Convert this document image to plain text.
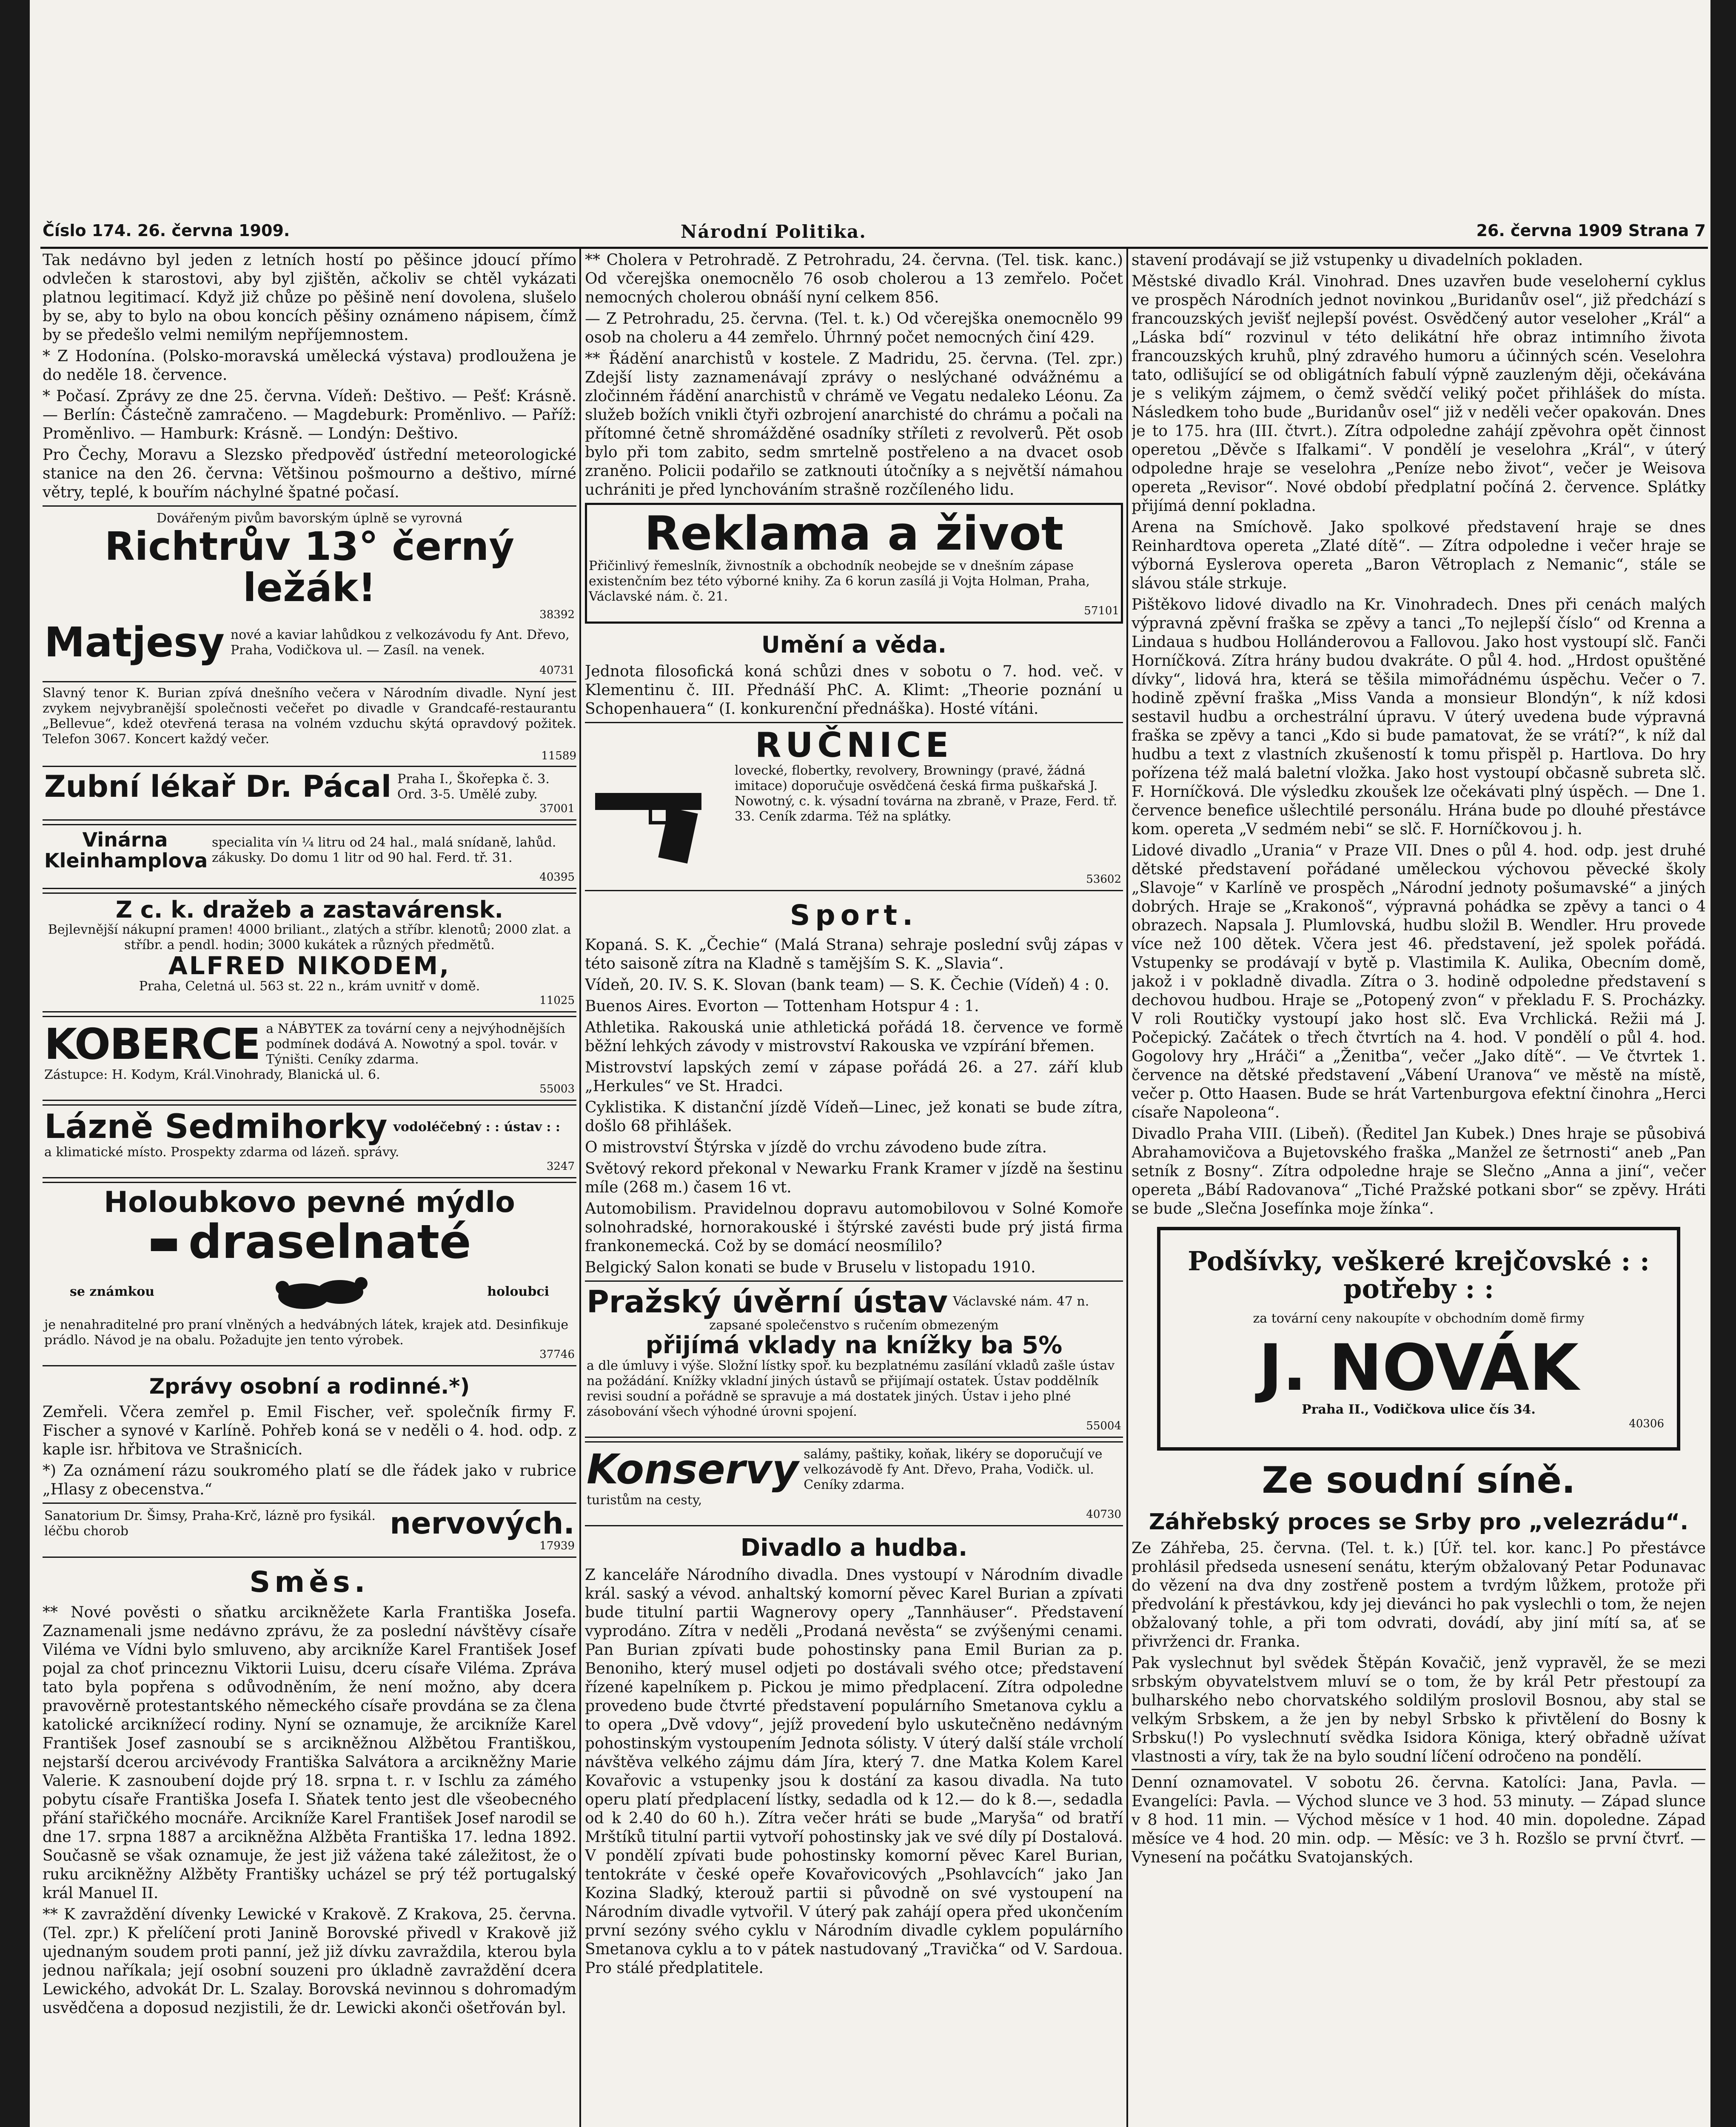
Číslo 174. 26. června 1909.	Národní Politika.	26. června 1909 Strana 7

Tak nedávno byl jeden z letních hostí po pěšince jdoucí přímo odvlečen k starostovi, aby byl zjištěn, ačkoliv se chtěl vykázati platnou legitimací. Když již chůze po pěšině není dovolena, slušelo by se, aby to bylo na obou koncích pěšiny oznámeno nápisem, čímž by se předešlo velmi nemilým nepříjemnostem.

* Z Hodonína. (Polsko-moravská umělecká výstava) prodloužena je do neděle 18. července.

* Počasí. Zprávy ze dne 25. června. Vídeň: Deštivo. — Pešť: Krásně. — Berlín: Částečně zamračeno. — Magdeburk: Proměnlivo. — Paříž: Proměnlivo. — Hamburk: Krásně. — Londýn: Deštivo.

Pro Čechy, Moravu a Slezsko předpověď ústřední meteorologické stanice na den 26. června: Většinou pošmourno a deštivo, mírné větry, teplé, k bouřím náchylné špatné počasí.

Dovářeným pivům bavorským úplně se vyrovná
Richtrův 13° černý ležák!
38392
Matjesy nové a kaviar lahůdkou z velkozávodu fy Ant. Dřevo, Praha, Vodičkova ul. — Zasíl. na venek.
40731

Slavný tenor K. Burian zpívá dnešního večera v Národním divadle. Nyní jest zvykem nejvybranější společnosti večeřet po divadle v Grandcafé-restaurantu „Bellevue“, kdež otevřená terasa na volném vzduchu skýtá opravdový požitek. Telefon 3067. Koncert každý večer.

11589
Zubní lékař Dr. Pácal Praha I., Škořepka č. 3. Ord. 3-5. Umělé zuby.
37001
Vinárna Kleinhamplova
specialita vín ¼ litru od 24 hal., malá snídaně, lahůd. zákusky. Do domu 1 litr od 90 hal. Ferd. tř. 31.
40395
Z c. k. dražeb a zastavárensk.
Bejlevnější nákupní pramen! 4000 briliant., zlatých a stříbr. klenotů; 2000 zlat. a stříbr. a pendl. hodin; 3000 kukátek a různých předmětů.
ALFRED NIKODEM,
Praha, Celetná ul. 563 st. 22 n., krám uvnitř v domě.
11025
KOBERCE a NÁBYTEK za tovární ceny a nejvýhodnějších podmínek dodává A. Nowotný a spol. továr. v Týništi. Ceníky zdarma.
Zástupce: H. Kodym, Král.Vinohrady, Blanická ul. 6.
55003
Lázně Sedmihorky vodoléčebný : : ústav : :
a klimatické místo. Prospekty zdarma od lázeň. správy.
3247
Holoubkovo pevné mýdlo
▬ draselnaté
se známkou	holoubci
je nenahraditelné pro praní vlněných a hedvábných látek, krajek atd. Desinfikuje prádlo. Návod je na obalu. Požadujte jen tento výrobek.
37746
Zprávy osobní a rodinné.*)

Zemřeli. Včera zemřel p. Emil Fischer, veř. společník firmy F. Fischer a synové v Karlíně. Pohřeb koná se v neděli o 4. hod. odp. z kaple isr. hřbitova ve Strašnicích.

*) Za oznámení rázu soukromého platí se dle řádek jako v rubrice „Hlasy z obecenstva.“

Sanatorium Dr. Šimsy, Praha-Krč, lázně pro fysikál. léčbu chorob	nervových.
17939
Směs.

** Nové pověsti o sňatku arcikněžete Karla Františka Josefa. Zaznamenali jsme nedávno zprávu, že za poslední návštěvy císaře Viléma ve Vídni bylo smluveno, aby arcikníže Karel František Josef pojal za choť princeznu Viktorii Luisu, dceru císaře Viléma. Zpráva tato byla popřena s odůvodněním, že není možno, aby dcera pravověrně protestantského německého císaře provdána se za člena katolické arciknížecí rodiny. Nyní se oznamuje, že arcikníže Karel František Josef zasnoubí se s arcikněžnou Alžbětou Františkou, nejstarší dcerou arcivévody Františka Salvátora a arcikněžny Marie Valerie. K zasnoubení dojde prý 18. srpna t. r. v Ischlu za zámého pobytu císaře Františka Josefa I. Sňatek tento jest dle všeobecného přání stařičkého mocnáře. Arcikníže Karel František Josef narodil se dne 17. srpna 1887 a arcikněžna Alžběta Františka 17. ledna 1892. Současně se však oznamuje, že jest již vážena také záležitost, že o ruku arcikněžny Alžběty Františky ucházel se prý též portugalský král Manuel II.

** K zavraždění dívenky Lewické v Krakově. Z Krakova, 25. června. (Tel. zpr.) K přelíčení proti Janině Borovské přivedl v Krakově již ujednaným soudem proti panní, jež již dívku zavraždila, kterou byla jednou naříkala; její osobní souzeni pro úkladně zavraždění dcera Lewického, advokát Dr. L. Szalay. Borovská nevinnou s dohromadým usvědčena a doposud nezjistili, že dr. Lewicki akonči ošetřován byl.

** Cholera v Petrohradě. Z Petrohradu, 24. června. (Tel. tisk. kanc.) Od včerejška onemocnělo 76 osob cholerou a 13 zemřelo. Počet nemocných cholerou obnáší nyní celkem 856.

— Z Petrohradu, 25. června. (Tel. t. k.) Od včerejška onemocnělo 99 osob na choleru a 44 zemřelo. Úhrnný počet nemocných činí 429.

** Řádění anarchistů v kostele. Z Madridu, 25. června. (Tel. zpr.) Zdejší listy zaznamenávají zprávy o neslýchané odvážnému a zločinném řádění anarchistů v chrámě ve Vegatu nedaleko Léonu. Za služeb božích vnikli čtyři ozbrojení anarchisté do chrámu a počali na přítomné četně shromážděné osadníky stříleti z revolverů. Pět osob bylo při tom zabito, sedm smrtelně postřeleno a na dvacet osob zraněno. Policii podařilo se zatknouti útočníky a s největší námahou uchrániti je před lynchováním strašně rozčíleného lidu.

Reklama a život
Přičinlivý řemeslník, živnostník a obchodník neobejde se v dnešním zápase existenčním bez této výborné knihy. Za 6 korun zasílá ji Vojta Holman, Praha, Václavské nám. č. 21.
57101
Umění a věda.

Jednota filosofická koná schůzi dnes v sobotu o 7. hod. več. v Klementinu č. III. Přednáší PhC. A. Klimt: „Theorie poznání u Schopenhauera“ (I. konkurenční přednáška). Hosté vítáni.

RUČNICE
lovecké, flobertky, revolvery, Browningy (pravé, žádná imitace) doporučuje osvědčená česká firma puškařská J. Nowotný, c. k. výsadní továrna na zbraně, v Praze, Ferd. tř. 33. Ceník zdarma. Též na splátky.
53602
Sport.

Kopaná. S. K. „Čechie“ (Malá Strana) sehraje poslední svůj zápas v této saisoně zítra na Kladně s tamějším S. K. „Slavia“.

Vídeň, 20. IV. S. K. Slovan (bank team) — S. K. Čechie (Vídeň) 4 : 0.

Buenos Aires. Evorton — Tottenham Hotspur 4 : 1.

Athletika. Rakouská unie athletická pořádá 18. července ve formě běžní lehkých závody v mistrovství Rakouska ve vzpírání břemen.

Mistrovství lapských zemí v zápase pořádá 26. a 27. září klub „Herkules“ ve St. Hradci.

Cyklistika. K distanční jízdě Vídeň—Linec, jež konati se bude zítra, došlo 68 přihlášek.

O mistrovství Štýrska v jízdě do vrchu závodeno bude zítra.

Světový rekord překonal v Newarku Frank Kramer v jízdě na šestinu míle (268 m.) časem 16 vt.

Automobilism. Pravidelnou dopravu automobilovou v Solné Komoře solnohradské, hornorakouské i štýrské zavésti bude prý jistá firma frankonemecká. Což by se domácí neosmílilo?

Belgický Salon konati se bude v Bruselu v listopadu 1910.

Pražský úvěrní ústav Václavské nám. 47 n.
zapsané společenstvo s ručením obmezeným
přijímá vklady na knížky ba 5%
a dle úmluvy i výše. Složní lístky spoř. ku bezplatnému zasílání vkladů zašle ústav na požádání. Knížky vkladní jiných ústavů se přijímají ostatek. Ústav poddělník revisi soudní a pořádně se spravuje a má dostatek jiných. Ústav i jeho plné zásobování všech výhodné úrovni spojení.
55004
Konservy salámy, paštiky, koňak, likéry se doporučují ve velkozávodě fy Ant. Dřevo, Praha, Vodičk. ul. Ceníky zdarma.
turistům na cesty,
40730
Divadlo a hudba.

Z kanceláře Národního divadla. Dnes vystoupí v Národním divadle král. saský a vévod. anhaltský komorní pěvec Karel Burian a zpívati bude titulní partii Wagnerovy opery „Tannhäuser“. Představení vyprodáno. Zítra v neděli „Prodaná nevěsta“ se zvýšenými cenami. Pan Burian zpívati bude pohostinsky pana Emil Burian za p. Benoniho, který musel odjeti po dostávali svého otce; představení řízené kapelníkem p. Pickou je mimo předplacení. Zítra odpoledne provedeno bude čtvrté představení populárního Smetanova cyklu a to opera „Dvě vdovy“, jejíž provedení bylo uskutečněno nedávným pohostinským vystoupením Jednota sólisty. V úterý další stále vrcholí návštěva velkého zájmu dám Jíra, který 7. dne Matka Kolem Karel Kovařovic a vstupenky jsou k dostání za kasou divadla. Na tuto operu platí předplacení lístky, sedadla od k 12.— do k 8.—, sedadla od k 2.40 do 60 h.). Zítra večer hráti se bude „Maryša“ od bratří Mrštíků titulní partii vytvoří pohostinsky jak ve své díly pí Dostalová. V pondělí zpívati bude pohostinsky komorní pěvec Karel Burian, tentokráte v české opeře Kovařovicových „Psohlavcích“ jako Jan Kozina Sladký, kterouž partii si původně on své vystoupení na Národním divadle vytvořil. V úterý pak zahájí opera před ukončením první sezóny svého cyklu v Národním divadle cyklem populárního Smetanova cyklu a to v pátek nastudovaný „Travička“ od V. Sardoua. Pro stálé předplatitele.

stavení prodávají se již vstupenky u divadelních pokladen.

Městské divadlo Král. Vinohrad. Dnes uzavřen bude veseloherní cyklus ve prospěch Národních jednot novinkou „Buridanův osel“, již předchází s francouzských jevišť nejlepší povést. Osvědčený autor veseloher „Král“ a „Láska bdí“ rozvinul v této delikátní hře obraz intimního života francouzských kruhů, plný zdravého humoru a účinných scén. Veselohra tato, odlišující se od obligátních fabulí výpně zauzleným ději, očekávána je s velikým zájmem, o čemž svědčí veliký počet přihlášek do místa. Následkem toho bude „Buridanův osel“ již v neděli večer opakován. Dnes je to 175. hra (III. čtvrt.). Zítra odpoledne zahájí zpěvohra opět činnost operetou „Děvče s Ifalkami“. V pondělí je veselohra „Král“, v úterý odpoledne hraje se veselohra „Peníze nebo život“, večer je Weisova opereta „Revisor“. Nové období předplatní počíná 2. července. Splátky přijímá denní pokladna.

Arena na Smíchově. Jako spolkové představení hraje se dnes Reinhardtova opereta „Zlaté dítě“. — Zítra odpoledne i večer hraje se výborná Eyslerova opereta „Baron Větroplach z Nemanic“, stále se slávou stále strkuje.

Pištěkovo lidové divadlo na Kr. Vinohradech. Dnes při cenách malých výpravná zpěvní fraška se zpěvy a tanci „To nejlepší číslo“ od Krenna a Lindaua s hudbou Hollánderovou a Fallovou. Jako host vystoupí slč. Fanči Horníčková. Zítra hrány budou dvakráte. O půl 4. hod. „Hrdost opuštěné dívky“, lidová hra, která se těšila mimořádnému úspěchu. Večer o 7. hodině zpěvní fraška „Miss Vanda a monsieur Blondýn“, k níž kdosi sestavil hudbu a orchestrální úpravu. V úterý uvedena bude výpravná fraška se zpěvy a tanci „Kdo si bude pamatovat, že se vrátí?“, k níž dal hudbu a text z vlastních zkušeností k tomu přispěl p. Hartlova. Do hry pořízena též malá baletní vložka. Jako host vystoupí občasně subreta slč. F. Horníčková. Dle výsledku zkoušek lze očekávati plný úspěch. — Dne 1. července benefice ušlechtilé personálu. Hrána bude po dlouhé přestávce kom. opereta „V sedmém nebi“ se slč. F. Horníčkovou j. h.

Lidové divadlo „Urania“ v Praze VII. Dnes o půl 4. hod. odp. jest druhé dětské představení pořádané uměleckou výchovou pěvecké školy „Slavoje“ v Karlíně ve prospěch „Národní jednoty pošumavské“ a jiných dobrých. Hraje se „Krakonoš“, výpravná pohádka se zpěvy a tanci o 4 obrazech. Napsala J. Plumlovská, hudbu složil B. Wendler. Hru provede více než 100 dětek. Včera jest 46. představení, jež spolek pořádá. Vstupenky se prodávají v bytě p. Vlastimila K. Aulika, Obecním domě, jakož i v pokladně divadla. Zítra o 3. hodině odpoledne představení s dechovou hudbou. Hraje se „Potopený zvon“ v překladu F. S. Procházky. V roli Routičky vystoupí jako host slč. Eva Vrchlická. Režii má J. Počepický. Začátek o třech čtvrtích na 4. hod. V pondělí o půl 4. hod. Gogolovy hry „Hráči“ a „Ženitba“, večer „Jako dítě“. — Ve čtvrtek 1. července na dětské představení „Vábení Uranova“ ve městě na místě, večer p. Otto Haasen. Bude se hrát Vartenburgova efektní činohra „Herci císaře Napoleona“.

Divadlo Praha VIII. (Libeň). (Ředitel Jan Kubek.) Dnes hraje se působivá Abrahamovičova a Bujetovského fraška „Manžel ze šetrnosti“ aneb „Pan setník z Bosny“. Zítra odpoledne hraje se Slečno „Anna a jiní“, večer opereta „Bábí Radovanova“ „Tiché Pražské potkani sbor“ se zpěvy. Hráti se bude „Slečna Josefínka moje žínka“.

Podšívky, veškeré krejčovské : : potřeby : :
za tovární ceny nakoupíte v obchodním domě firmy
J. NOVÁK
Praha II., Vodičkova ulice čís 34.
40306
Ze soudní síně.
Záhřebský proces se Srby pro „velezrádu“.

Ze Záhřeba, 25. června. (Tel. t. k.) [Úř. tel. kor. kanc.] Po přestávce prohlásil předseda usnesení senátu, kterým obžalovaný Petar Podunavac do vězení na dva dny zostřeně postem a tvrdým lůžkem, protože při předvolání k přestávkou, kdy jej dievánci ho pak vyslechli o tom, že nejen obžalovaný tohle, a při tom odvrati, dovádí, aby jiní mítí sa, ať se přivrženci dr. Franka.

Pak vyslechnut byl svědek Štěpán Kovačič, jenž vypravěl, že se mezi srbským obyvatelstvem mluví se o tom, že by král Petr přestoupí za bulharského nebo chorvatského soldilým proslovil Bosnou, aby stal se velkým Srbskem, a že jen by nebyl Srbsko k přivtělení do Bosny k Srbsku(!) Po vyslechnutí svědka Isidora Königa, který obřadně užívat vlastnosti a víry, tak že na bylo soudní líčení odročeno na pondělí.

Denní oznamovatel. V sobotu 26. června. Katolíci: Jana, Pavla. — Evangelíci: Pavla. — Východ slunce ve 3 hod. 53 minuty. — Západ slunce v 8 hod. 11 min. — Východ měsíce v 1 hod. 40 min. dopoledne. Západ měsíce ve 4 hod. 20 min. odp. — Měsíc: ve 3 h. Rozšlo se první čtvrť. — Vynesení na počátku Svatojanských.
